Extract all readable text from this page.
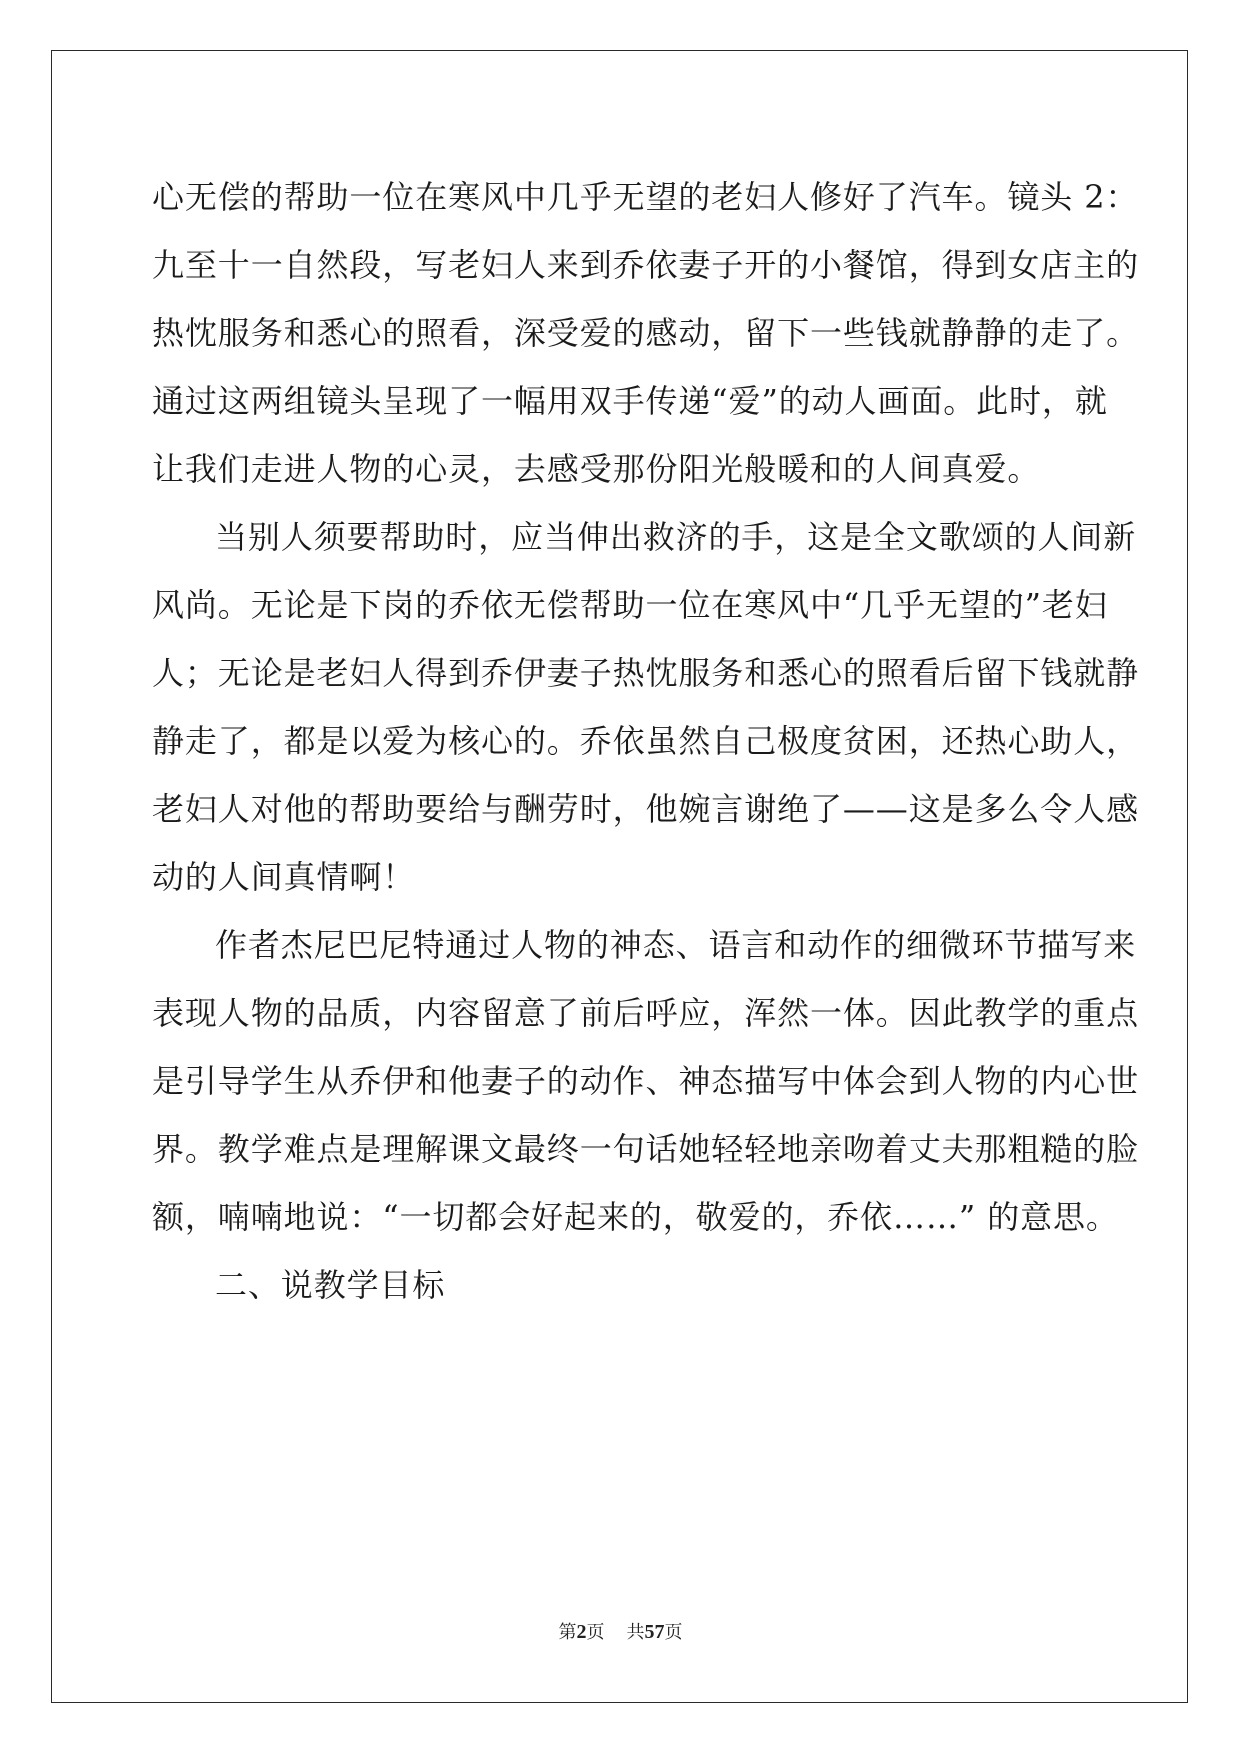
心无偿的帮助一位在寒风中几乎无望的老妇人修好了汽车。镜头 2：
九至十一自然段，写老妇人来到乔依妻子开的小餐馆，得到女店主的
热忱服务和悉心的照看，深受爱的感动，留下一些钱就静静的走了。
通过这两组镜头呈现了一幅用双手传递“爱”的动人画面。此时，就
让我们走进人物的心灵，去感受那份阳光般暖和的人间真爱。
当别人须要帮助时，应当伸出救济的手，这是全文歌颂的人间新
风尚。无论是下岗的乔依无偿帮助一位在寒风中“几乎无望的”老妇
人；无论是老妇人得到乔伊妻子热忱服务和悉心的照看后留下钱就静
静走了，都是以爱为核心的。乔依虽然自己极度贫困，还热心助人，
老妇人对他的帮助要给与酬劳时，他婉言谢绝了——这是多么令人感
动的人间真情啊！
作者杰尼巴尼特通过人物的神态、语言和动作的细微环节描写来
表现人物的品质，内容留意了前后呼应，浑然一体。因此教学的重点
是引导学生从乔伊和他妻子的动作、神态描写中体会到人物的内心世
界。教学难点是理解课文最终一句话她轻轻地亲吻着丈夫那粗糙的脸
额，喃喃地说：“一切都会好起来的，敬爱的，乔依……” 的意思。
二、说教学目标
第2页 共57页
